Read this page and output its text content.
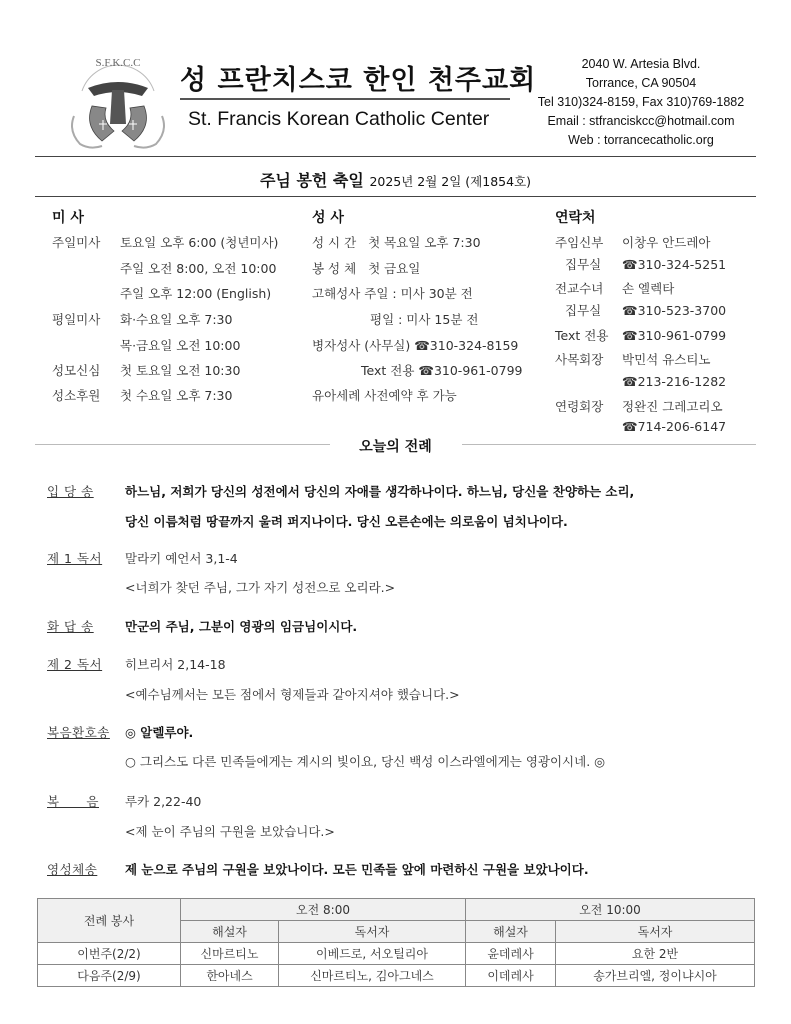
S.F.K.C.C
성 프란치스코 한인 천주교회
St. Francis Korean Catholic Center
2040 W. Artesia Blvd.
Torrance, CA 90504
Tel 310)324-8159, Fax 310)769-1882
Email : stfranciskcc@hotmail.com
Web : torrancecatholic.org
주님 봉헌 축일 2025년 2월 2일 (제1854호)
미 사
주일미사 토요일 오후 6:00 (청년미사)
주일 오전 8:00, 오전 10:00
주일 오후 12:00 (English)
평일미사 화·수요일 오후 7:30
목·금요일 오전 10:00
성모신심 첫 토요일 오전 10:30
성소후원 첫 수요일 오후 7:30
성 사
성 시 간   첫 목요일 오후 7:30
봉 성 체   첫 금요일
고해성사 주일 : 미사 30분 전
평일 : 미사 15분 전
병자성사 (사무실) ☎310-324-8159
Text 전용 ☎310-961-0799
유아세례 사전예약 후 가능
연락처
주임신부 이창우 안드레아
집무실 ☎310-324-5251
전교수녀 손 엘렉타
집무실 ☎310-523-3700
Text 전용 ☎310-961-0799
사목회장 박민석 유스티노
☎213-216-1282
연령회장 정완진 그레고리오
☎714-206-6147
오늘의 전례
입 당 송	하느님, 저희가 당신의 성전에서 당신의 자애를 생각하나이다. 하느님, 당신을 찬양하는 소리,
당신 이름처럼 땅끝까지 울려 퍼지나이다. 당신 오른손에는 의로움이 넘치나이다.
제 1 독서 말라키 예언서 3,1-4
<너희가 찾던 주님, 그가 자기 성전으로 오리라.>
화 답 송	만군의 주님, 그분이 영광의 임금님이시다.
제 2 독서 히브리서 2,14-18
<예수님께서는 모든 점에서 형제들과 같아지셔야 했습니다.>
복음환호송 ◎ 알렐루야.
○ 그리스도 다른 민족들에게는 계시의 빛이요, 당신 백성 이스라엘에게는 영광이시네. ◎
복      음 루카 2,22-40
<제 눈이 주님의 구원을 보았습니다.>
영성체송 제 눈으로 주님의 구원을 보았나이다. 모든 민족들 앞에 마련하신 구원을 보았나이다.
전례 봉사	오전 8:00		오전 10:00	
	해설자	독서자	해설자	독서자
이번주(2/2)	신마르티노	이베드로, 서오틸리아	윤데레사	요한 2반
다음주(2/9)	한아네스	신마르티노, 김아그네스	이데레사	송가브리엘, 정이냐시아
